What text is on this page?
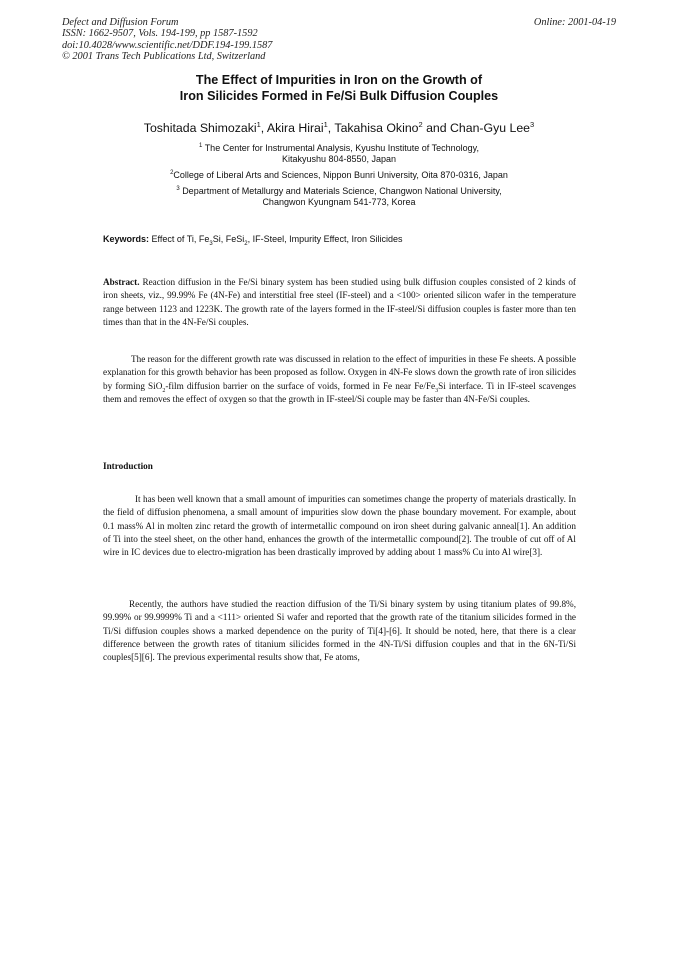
Defect and Diffusion Forum
ISSN: 1662-9507, Vols. 194-199, pp 1587-1592
doi:10.4028/www.scientific.net/DDF.194-199.1587
© 2001 Trans Tech Publications Ltd, Switzerland
Online: 2001-04-19
The Effect of Impurities in Iron on the Growth of
Iron Silicides Formed in Fe/Si Bulk Diffusion Couples
Toshitada Shimozaki$^1$, Akira Hirai$^1$, Takahisa Okino$^2$ and Chan-Gyu Lee$^3$
$^1$ The Center for Instrumental Analysis, Kyushu Institute of Technology,
Kitakyushu 804-8550, Japan
$^2$College of Liberal Arts and Sciences, Nippon Bunri University, Oita 870-0316, Japan
$^3$ Department of Metallurgy and Materials Science, Changwon National University,
Changwon Kyungnam 541-773, Korea
Keywords: Effect of Ti, $Fe_3Si$, FeSi$_2$, IF-Steel, Impurity Effect, Iron Silicides
Abstract. Reaction diffusion in the Fe/Si binary system has been studied using bulk diffusion couples consisted of 2 kinds of iron sheets, viz., 99.99% Fe (4N-Fe) and interstitial free steel (IF-steel) and a <100> oriented silicon wafer in the temperature range between 1123 and 1223K. The growth rate of the layers formed in the IF-steel/Si diffusion couples is faster more than ten times than that in the 4N-Fe/Si couples.
The reason for the different growth rate was discussed in relation to the effect of impurities in these Fe sheets. A possible explanation for this growth behavior has been proposed as follow. Oxygen in 4N-Fe slows down the growth rate of iron silicides by forming SiO$_2$-film diffusion barrier on the surface of voids, formed in Fe near $Fe/Fe_3Si$ interface. Ti in IF-steel scavenges them and removes the effect of oxygen so that the growth in IF-steel/Si couple may be faster than 4N-Fe/Si couples.
Introduction
It has been well known that a small amount of impurities can sometimes change the property of materials drastically. In the field of diffusion phenomena, a small amount of impurities slow down the phase boundary movement. For example, about 0.1 mass% Al in molten zinc retard the growth of intermetallic compound on iron sheet during galvanic anneal[1]. An addition of Ti into the steel sheet, on the other hand, enhances the growth of the intermetallic compound[2]. The trouble of cut off of Al wire in IC devices due to electro-migration has been drastically improved by adding about 1 mass% Cu into Al wire[3].
Recently, the authors have studied the reaction diffusion of the Ti/Si binary system by using titanium plates of 99.8%, 99.99% or 99.9999% Ti and a <111> oriented Si wafer and reported that the growth rate of the titanium silicides formed in the Ti/Si diffusion couples shows a marked dependence on the purity of Ti[4]-[6]. It should be noted, here, that there is a clear difference between the growth rates of titanium silicides formed in the 4N-Ti/Si diffusion couples and that in the 6N-Ti/Si couples[5][6]. The previous experimental results show that, Fe atoms,
